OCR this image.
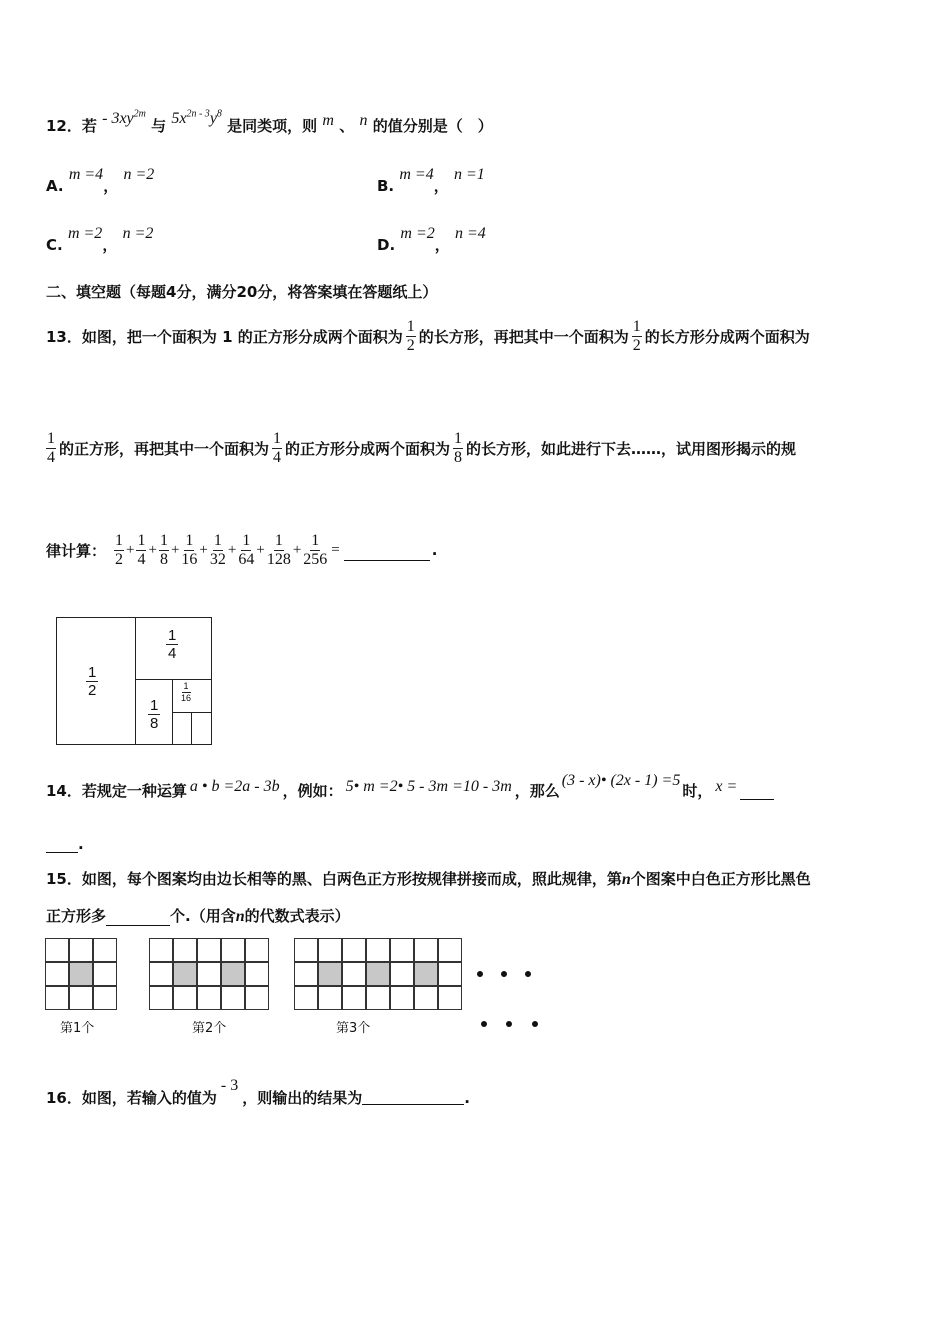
12．若 - $3xy^{2m}$ 与 $5x^{2n - 3}y^8$ 是同类项，则 m 、 n 的值分别是（　）
A. m =4， n =2
B. m =4， n =1
C. m =2， n =2
D. m =2， n =4
二、填空题（每题4分，满分20分，将答案填在答题纸上）
13．如图，把一个面积为 1 的正方形分成两个面积为 $\frac{1}{2}$ 的长方形，再把其中一个面积为 $\frac{1}{2}$ 的长方形分成两个面积为
$\frac{1}{4}$ 的正方形，再把其中一个面积为 $\frac{1}{4}$ 的正方形分成两个面积为 $\frac{1}{8}$ 的长方形，如此进行下去……，试用图形揭示的规
律计算： $\frac{1}{2} + \frac{1}{4} + \frac{1}{8} + \frac{1}{16} + \frac{1}{32} + \frac{1}{64} + \frac{1}{128} + \frac{1}{256}$ =	.
1
2
1
4
1
8
1
16
14．若规定一种运算 a • b =2a - 3b ，例如： 5• m =2• 5 - 3m =10 - 3m ，那么
(3 - x)• (2x - 1) =5
时， x =
.
15．如图，每个图案均由边长相等的黑、白两色正方形按规律拼接而成，照此规律，第n个图案中白色正方形比黑色
正方形多	个.（用含n的代数式表示）
第1个	第2个	第3个
16．如图，若输入的值为
- 3
，则输出的结果为	.
